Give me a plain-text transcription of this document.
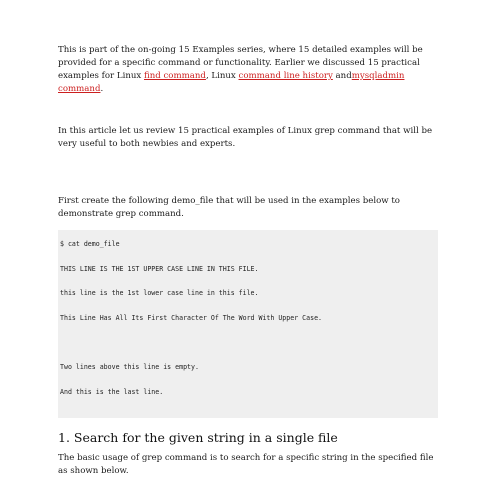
This is part of the on-going 15 Examples series, where 15 detailed examples will be provided for a specific command or functionality. Earlier we discussed 15 practical examples for Linux find command, Linux command line history andmysqladmin command.

In this article let us review 15 practical examples of Linux grep command that will be very useful to both newbies and experts.

First create the following demo_file that will be used in the examples below to demonstrate grep command.

$ cat demo_file
THIS LINE IS THE 1ST UPPER CASE LINE IN THIS FILE.
this line is the 1st lower case line in this file.
This Line Has All Its First Character Of The Word With Upper Case.
Two lines above this line is empty.
And this is the last line.
1. Search for the given string in a single file

The basic usage of grep command is to search for a specific string in the specified file as shown below.
